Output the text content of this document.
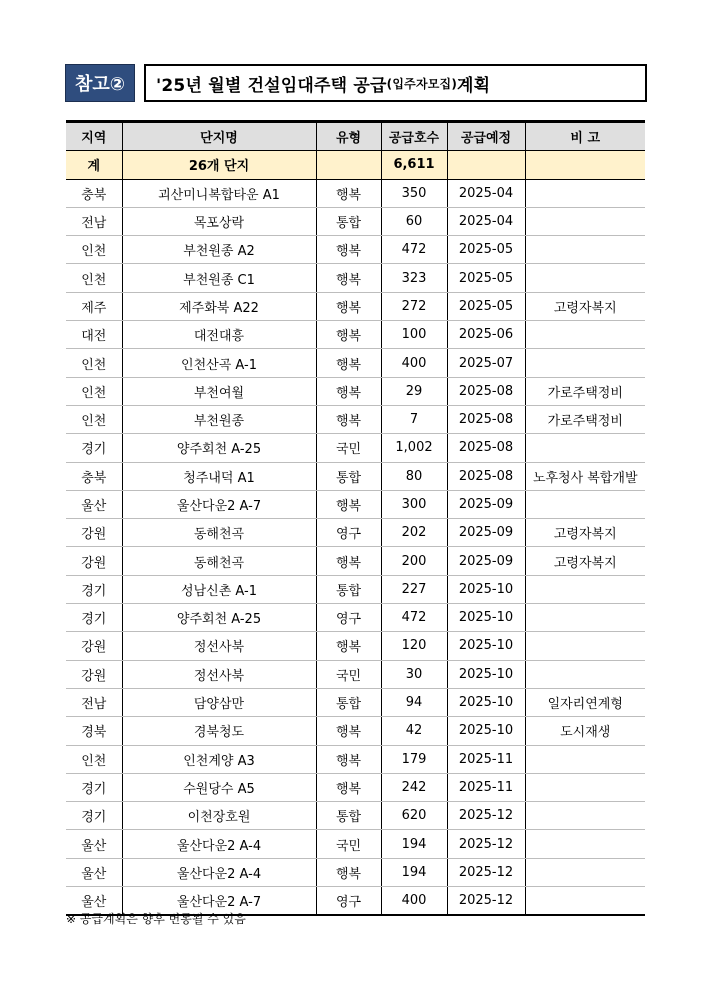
참고②	'25년 월별 건설임대주택 공급 (입주자모집) 계획
지역	단지명	유형	공급호수	공급예정	비 고
계	26개 단지		6,611		
충북	괴산미니복합타운 A1	행복	350	2025-04	
전남	목포상락	통합	60	2025-04	
인천	부천원종 A2	행복	472	2025-05	
인천	부천원종 C1	행복	323	2025-05	
제주	제주화북 A22	행복	272	2025-05	고령자복지
대전	대전대흥	행복	100	2025-06	
인천	인천산곡 A-1	행복	400	2025-07	
인천	부천여월	행복	29	2025-08	가로주택정비
인천	부천원종	행복	7	2025-08	가로주택정비
경기	양주회천 A-25	국민	1,002	2025-08	
충북	청주내덕 A1	통합	80	2025-08	노후청사 복합개발
울산	울산다운2 A-7	행복	300	2025-09	
강원	동해천곡	영구	202	2025-09	고령자복지
강원	동해천곡	행복	200	2025-09	고령자복지
경기	성남신촌 A-1	통합	227	2025-10	
경기	양주회천 A-25	영구	472	2025-10	
강원	정선사북	행복	120	2025-10	
강원	정선사북	국민	30	2025-10	
전남	담양삼만	통합	94	2025-10	일자리연계형
경북	경북청도	행복	42	2025-10	도시재생
인천	인천계양 A3	행복	179	2025-11	
경기	수원당수 A5	행복	242	2025-11	
경기	이천장호원	통합	620	2025-12	
울산	울산다운2 A-4	국민	194	2025-12	
울산	울산다운2 A-4	행복	194	2025-12	
울산	울산다운2 A-7	영구	400	2025-12	
※ 공급계획은 향후 변동될 수 있음
